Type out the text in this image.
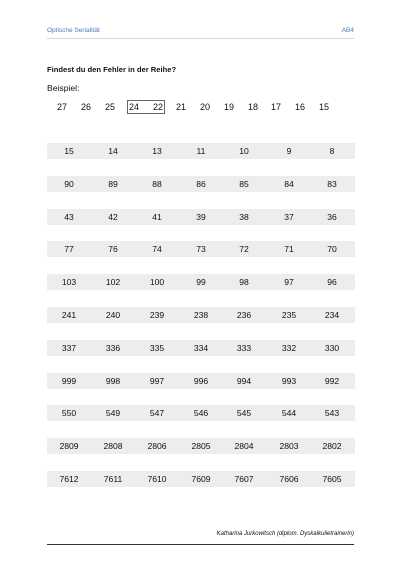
Optische Serialität	AB4
Findest du den Fehler in der Reihe?
Beispiel:
27 26 25 24 22 21 20 19 18 17 16 15
15	14	13	11	10	9	8
90	89	88	86	85	84	83
43	42	41	39	38	37	36
77	76	74	73	72	71	70
103	102	100	99	98	97	96
241	240	239	238	236	235	234
337	336	335	334	333	332	330
999	998	997	996	994	993	992
550	549	547	546	545	544	543
2809	2808	2806	2805	2804	2803	2802
7612	7611	7610	7609	7607	7606	7605
Katharina Jurkowitsch (diplom. Dyskalkulietrainerin)
